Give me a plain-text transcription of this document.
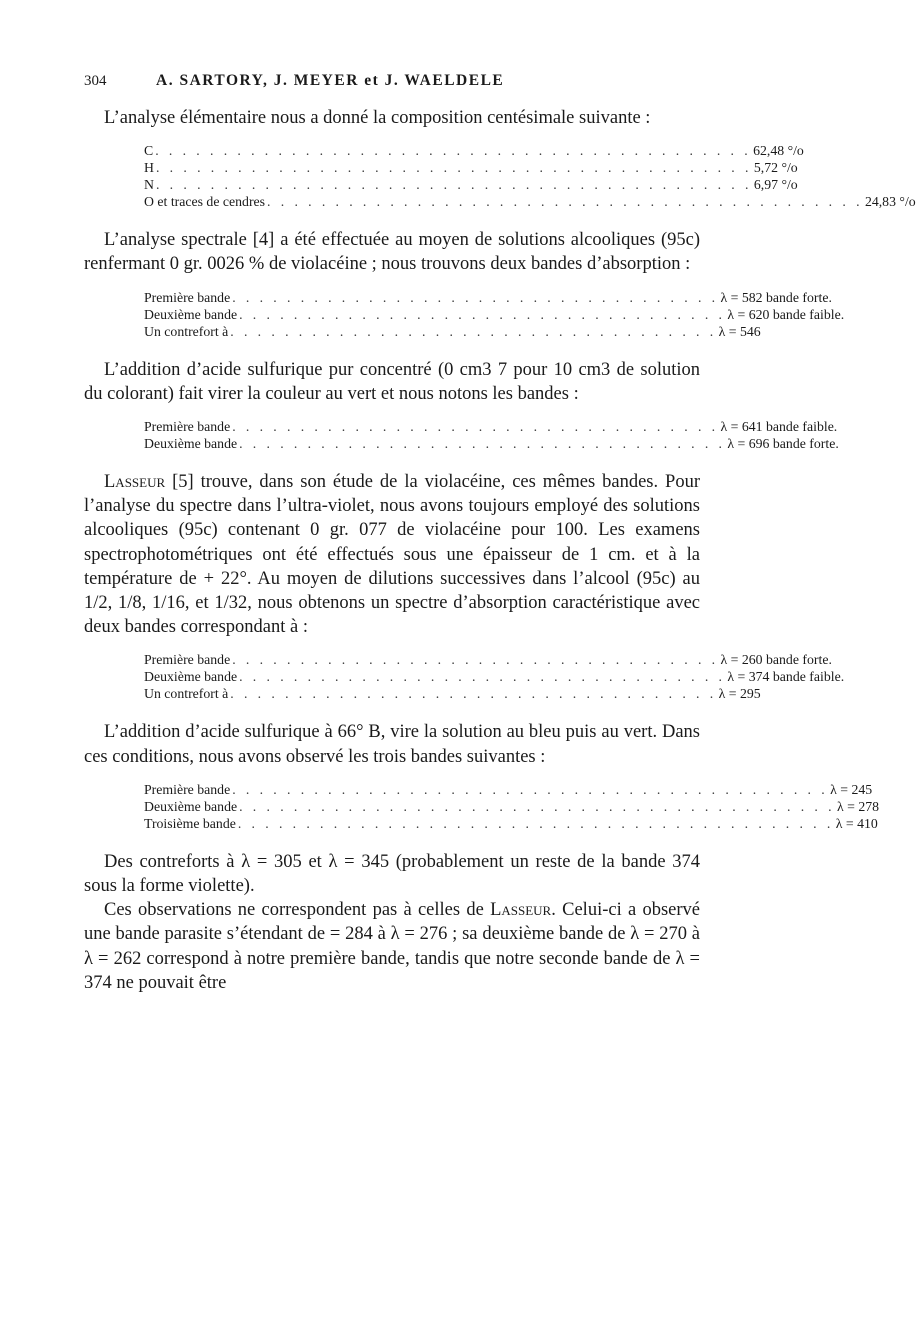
304	A. SARTORY, J. MEYER et J. WAELDELE

L’analyse élémentaire nous a donné la composition centésimale suivante :

C . . . . . . . . . . . . . . . . . . . . . . . . . . . . . . . . . . . . . . . . . . . . 62,48 °/o
H . . . . . . . . . . . . . . . . . . . . . . . . . . . . . . . . . . . . . . . . . . . . 5,72 °/o
N . . . . . . . . . . . . . . . . . . . . . . . . . . . . . . . . . . . . . . . . . . . . 6,97 °/o
O et traces de cendres . . . . . . . . . . . . . . . . . . . . . . . . . . . . . . . . . . . . . . . . . . . . 24,83 °/o

L’analyse spectrale [4] a été effectuée au moyen de solutions alcooliques (95c) renfermant 0 gr. 0026 % de violacéine ; nous trouvons deux bandes d’absorption :

Première bande . . . . . . . . . . . . . . . . . . . . . . . . . . . . . . . . . . . . λ = 582 bande forte.
Deuxième bande . . . . . . . . . . . . . . . . . . . . . . . . . . . . . . . . . . . . λ = 620 bande faible.
Un contrefort à . . . . . . . . . . . . . . . . . . . . . . . . . . . . . . . . . . . . λ = 546

L’addition d’acide sulfurique pur concentré (0 cm3 7 pour 10 cm3 de solution du colorant) fait virer la couleur au vert et nous notons les bandes :

Première bande . . . . . . . . . . . . . . . . . . . . . . . . . . . . . . . . . . . . λ = 641 bande faible.
Deuxième bande . . . . . . . . . . . . . . . . . . . . . . . . . . . . . . . . . . . . λ = 696 bande forte.

Lasseur [5] trouve, dans son étude de la violacéine, ces mêmes bandes. Pour l’analyse du spectre dans l’ultra-violet, nous avons toujours employé des solutions alcooliques (95c) contenant 0 gr. 077 de violacéine pour 100. Les examens spectrophotométriques ont été effectués sous une épaisseur de 1 cm. et à la température de + 22°. Au moyen de dilutions successives dans l’alcool (95c) au 1/2, 1/8, 1/16, et 1/32, nous obtenons un spectre d’absorption caractéristique avec deux bandes correspondant à :

Première bande . . . . . . . . . . . . . . . . . . . . . . . . . . . . . . . . . . . . λ = 260 bande forte.
Deuxième bande . . . . . . . . . . . . . . . . . . . . . . . . . . . . . . . . . . . . λ = 374 bande faible.
Un contrefort à . . . . . . . . . . . . . . . . . . . . . . . . . . . . . . . . . . . . λ = 295

L’addition d’acide sulfurique à 66° B, vire la solution au bleu puis au vert. Dans ces conditions, nous avons observé les trois bandes suivantes :

Première bande . . . . . . . . . . . . . . . . . . . . . . . . . . . . . . . . . . . . . . . . . . . . λ = 245
Deuxième bande . . . . . . . . . . . . . . . . . . . . . . . . . . . . . . . . . . . . . . . . . . . . λ = 278
Troisième bande . . . . . . . . . . . . . . . . . . . . . . . . . . . . . . . . . . . . . . . . . . . . λ = 410

Des contreforts à λ = 305 et λ = 345 (probablement un reste de la bande 374 sous la forme violette).

Ces observations ne correspondent pas à celles de Lasseur. Celui-ci a observé une bande parasite s’étendant de = 284 à λ = 276 ; sa deuxième bande de λ = 270 à λ = 262 correspond à notre première bande, tandis que notre seconde bande de λ = 374 ne pouvait être
